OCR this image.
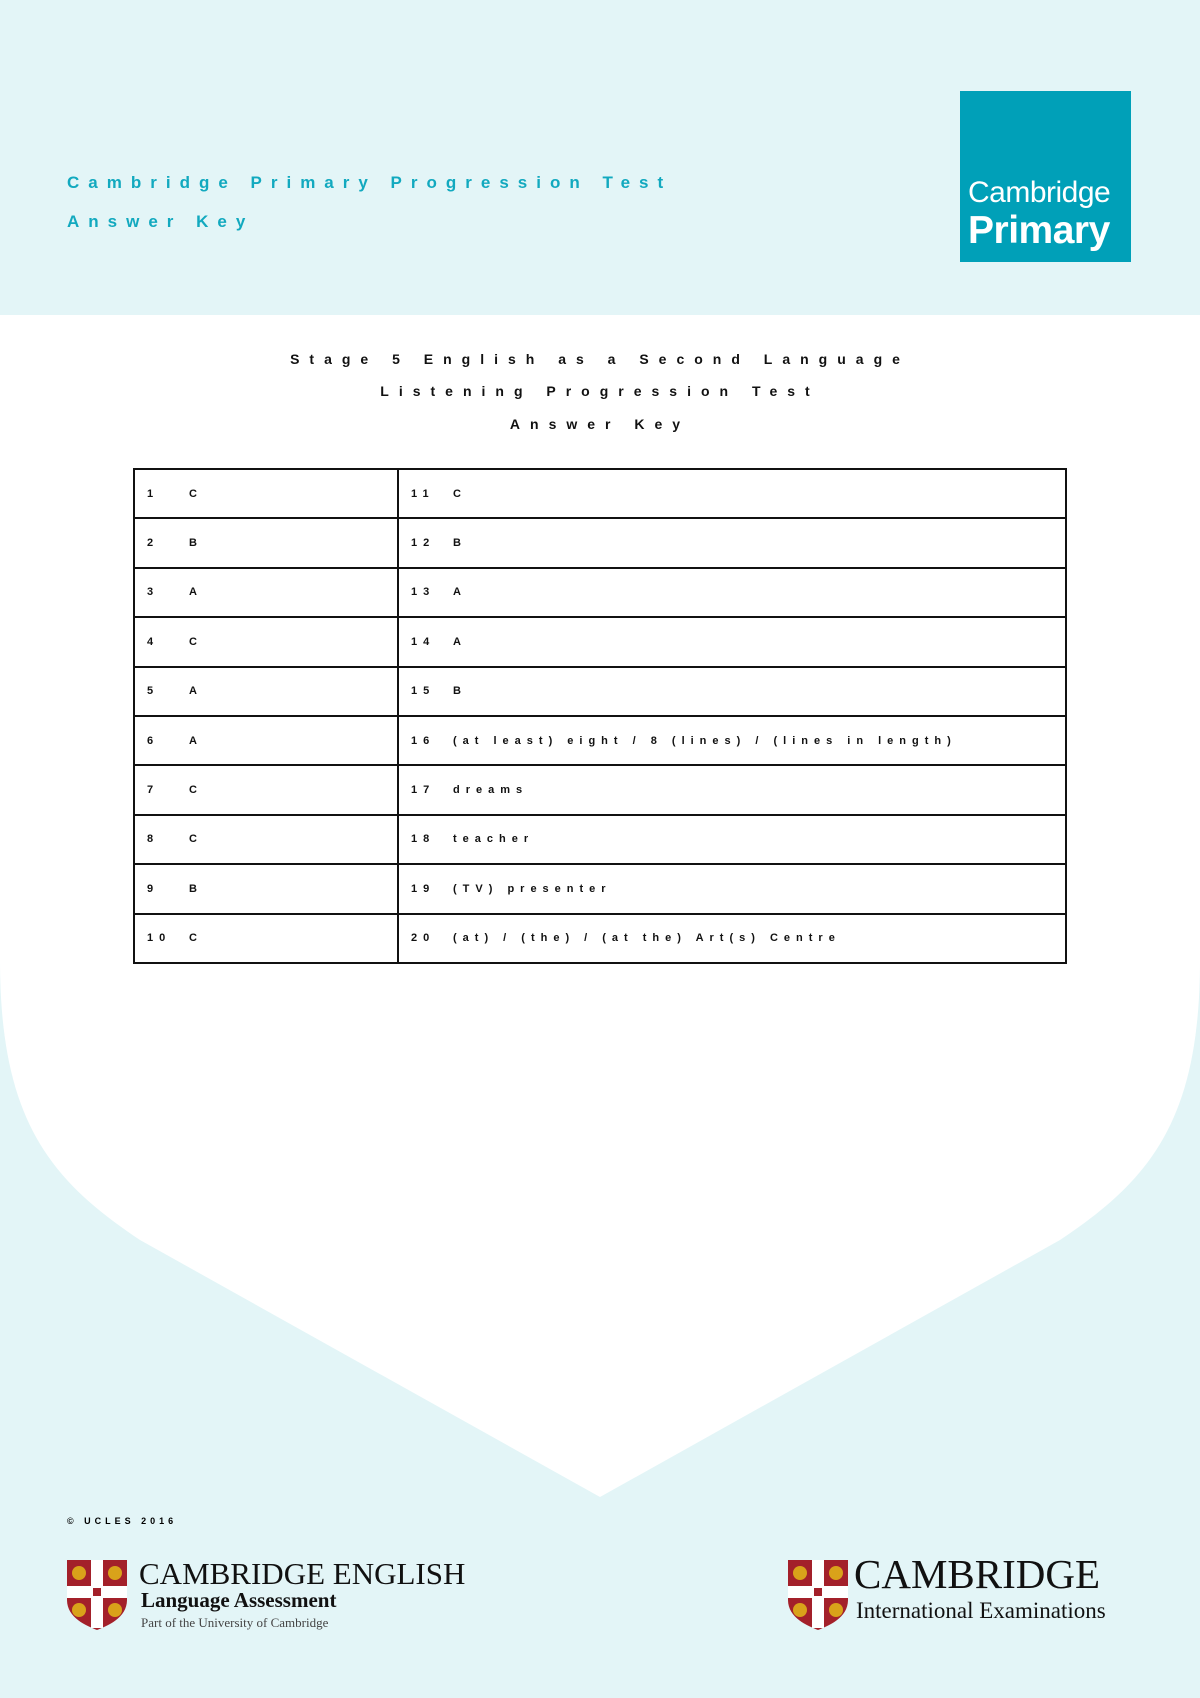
Cambridge Primary Progression Test
Answer Key
Cambridge
Primary
Stage 5 English as a Second Language
Listening Progression Test
Answer Key
1 C	11 C
2 B	12 B
3 A	13 A
4 C	14 A
5 A	15 B
6 A	16 (at least) eight / 8 (lines) / (lines in length)
7 C	17 dreams
8 C	18 teacher
9 B	19 (TV) presenter
10 C	20 (at) / (the) / (at the) Art(s) Centre
© UCLES 2016
CAMBRIDGE ENGLISH
Language Assessment
Part of the University of Cambridge
CAMBRIDGE
International Examinations
